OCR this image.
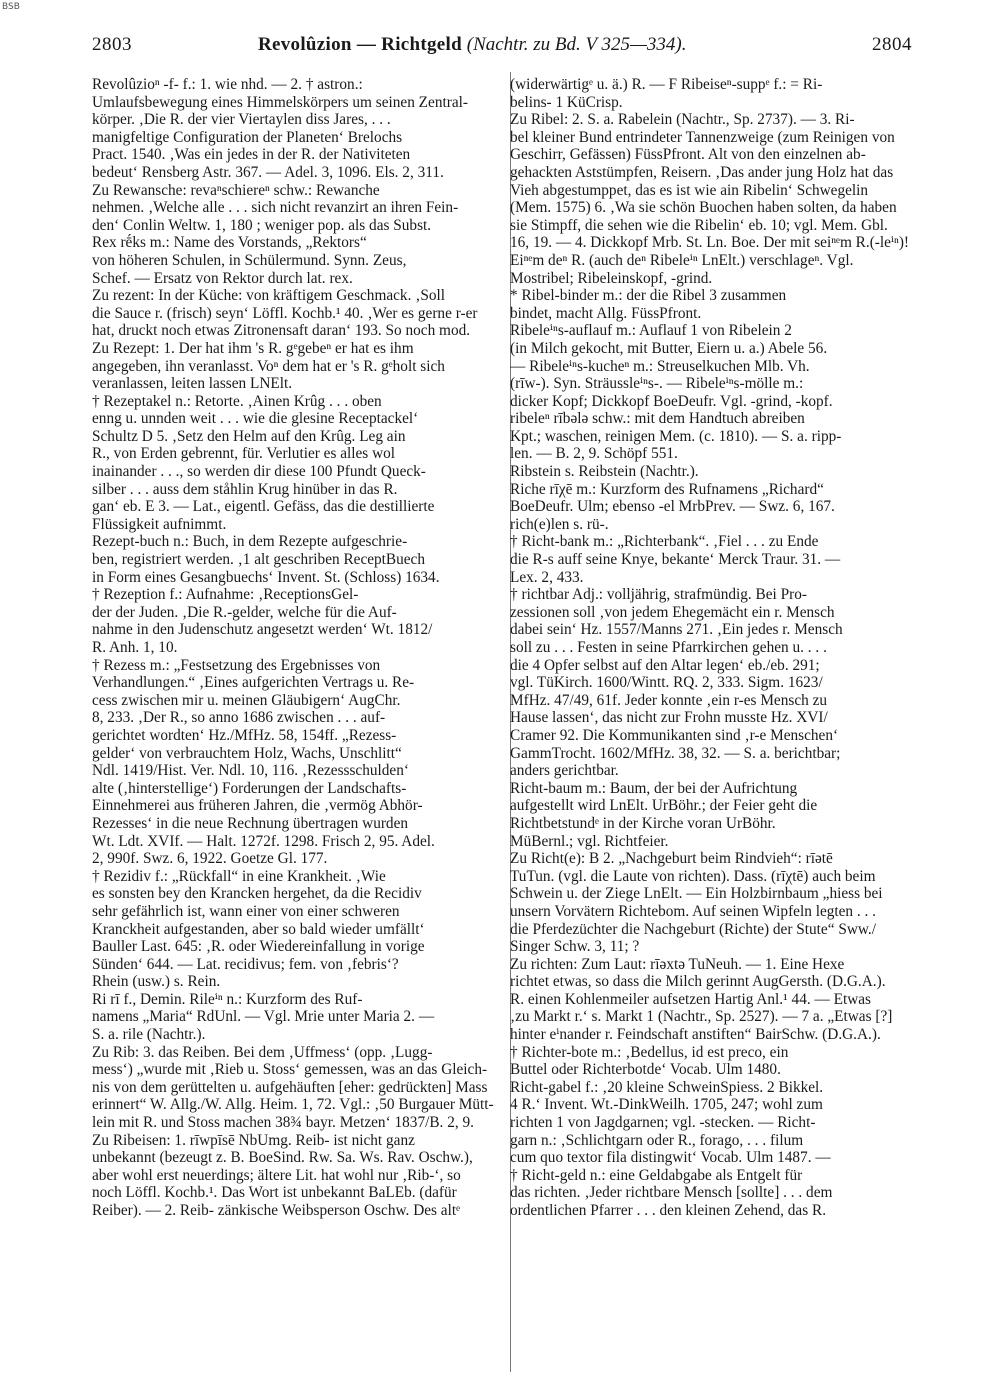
BSB
2803	Revolûzion — Richtgeld (Nachtr. zu Bd. V 325—334).	2804
Revolûzioⁿ -f- f.: 1. wie nhd. — 2. † astron.:
Umlaufsbewegung eines Himmelskörpers um seinen Zentral-
körper. ‚Die R. der vier Viertaylen diss Jares, . . .
manigfeltige Configuration der Planeten‘ Brelochs
Pract. 1540. ‚Was ein jedes in der R. der Nativiteten
bedeut‘ Rensberg Astr. 367. — Adel. 3, 1096. Els. 2, 311.
Zu Rewansche: revaⁿschiereⁿ schw.: Rewanche
nehmen. ‚Welche alle . . . sich nicht revanzirt an ihren Fein-
den‘ Conlin Weltw. 1, 180 ; weniger pop. als das Subst.
Rex rḗks m.: Name des Vorstands, „Rektors“
von höheren Schulen, in Schülermund. Synn. Zeus,
Schef. — Ersatz von Rektor durch lat. rex.
Zu rezent: In der Küche: von kräftigem Geschmack. ‚Soll
die Sauce r. (frisch) seyn‘ Löffl. Kochb.¹ 40. ‚Wer es gerne r-er
hat, druckt noch etwas Zitronensaft daran‘ 193. So noch mod.
Zu Rezept: 1. Der hat ihm 's R. gᵉgebeⁿ er hat es ihm
angegeben, ihn veranlasst. Voⁿ dem hat er 's R. gᵉholt sich
veranlassen, leiten lassen LNElt.
† Rezeptakel n.: Retorte. ‚Ainen Krûg . . . oben
enng u. unnden weit . . . wie die glesine Receptackel‘
Schultz D 5. ‚Setz den Helm auf den Krûg. Leg ain
R., von Erden gebrennt, für. Verlutier es alles wol
inainander . . ., so werden dir diese 100 Pfundt Queck-
silber . . . auss dem ståhlin Krug hinüber in das R.
gan‘ eb. E 3. — Lat., eigentl. Gefäss, das die destillierte
Flüssigkeit aufnimmt.
Rezept-buch n.: Buch, in dem Rezepte aufgeschrie-
ben, registriert werden. ‚1 alt geschriben ReceptBuech
in Form eines Gesangbuechs‘ Invent. St. (Schloss) 1634.
† Rezeption f.: Aufnahme: ‚ReceptionsGel-
der der Juden. ‚Die R.-gelder, welche für die Auf-
nahme in den Judenschutz angesetzt werden‘ Wt. 1812/
R. Anh. 1, 10.
† Rezess m.: „Festsetzung des Ergebnisses von
Verhandlungen.“ ‚Eines aufgerichten Vertrags u. Re-
cess zwischen mir u. meinen Gläubigern‘ AugChr.
8, 233. ‚Der R., so anno 1686 zwischen . . . auf-
gerichtet wordten‘ Hz./MfHz. 58, 154ff. „Rezess-
gelder‘ von verbrauchtem Holz, Wachs, Unschlitt“
Ndl. 1419/Hist. Ver. Ndl. 10, 116. ‚Rezessschulden‘
alte (‚hinterstellige‘) Forderungen der Landschafts-
Einnehmerei aus früheren Jahren, die ‚vermög Abhör-
Rezesses‘ in die neue Rechnung übertragen wurden
Wt. Ldt. XVIf. — Halt. 1272f. 1298. Frisch 2, 95. Adel.
2, 990f. Swz. 6, 1922. Goetze Gl. 177.
† Rezidiv f.: „Rückfall“ in eine Krankheit. ‚Wie
es sonsten bey den Krancken hergehet, da die Recidiv
sehr gefährlich ist, wann einer von einer schweren
Kranckheit aufgestanden, aber so bald wieder umfällt‘
Bauller Last. 645: ‚R. oder Wiedereinfallung in vorige
Sünden‘ 644. — Lat. recidivus; fem. von ‚febris‘?
Rhein (usw.) s. Rein.
Ri rī f., Demin. Rileⁱⁿ n.: Kurzform des Ruf-
namens „Maria“ RdUnl. — Vgl. Mrie unter Maria 2. —
S. a. rile (Nachtr.).
Zu Rib: 3. das Reiben. Bei dem ‚Uffmess‘ (opp. ‚Lugg-
mess‘) „wurde mit ‚Rieb u. Stoss‘ gemessen, was an das Gleich-
nis von dem gerüttelten u. aufgehäuften [eher: gedrückten] Mass
erinnert“ W. Allg./W. Allg. Heim. 1, 72. Vgl.: ‚50 Burgauer Mütt-
lein mit R. und Stoss machen 38¾ bayr. Metzen‘ 1837/B. 2, 9.
Zu Ribeisen: 1. rīwpīsē NbUmg. Reib- ist nicht ganz
unbekannt (bezeugt z. B. BoeSind. Rw. Sa. Ws. Rav. Oschw.),
aber wohl erst neuerdings; ältere Lit. hat wohl nur ‚Rib-‘, so
noch Löffl. Kochb.¹. Das Wort ist unbekannt BaLEb. (dafür
Reiber). — 2. Reib- zänkische Weibsperson Oschw. Des altᵉ
(widerwärtigᵉ u. ä.) R. — F Ribeiseⁿ-suppᵉ f.: = Ri-
belins- 1 KüCrisp.
Zu Ribel: 2. S. a. Rabelein (Nachtr., Sp. 2737). — 3. Ri-
bel kleiner Bund entrindeter Tannenzweige (zum Reinigen von
Geschirr, Gefässen) FüssPfront. Alt von den einzelnen ab-
gehackten Aststümpfen, Reisern. ‚Das ander jung Holz hat das
Vieh abgestumppet, das es ist wie ain Ribelin‘ Schwegelin
(Mem. 1575) 6. ‚Wa sie schön Buochen haben solten, da haben
sie Stimpff, die sehen wie die Ribelin‘ eb. 10; vgl. Mem. Gbl.
16, 19. — 4. Dickkopf Mrb. St. Ln. Boe. Der mit seiⁿᵉm R.(-leⁱⁿ)!
Eiⁿᵉm deⁿ R. (auch deⁿ Ribeleⁱⁿ LnElt.) verschlageⁿ. Vgl.
Mostribel; Ribeleinskopf, -grind.
* Ribel-binder m.: der die Ribel 3 zusammen
bindet, macht Allg. FüssPfront.
Ribeleⁱⁿs-auflauf m.: Auflauf 1 von Ribelein 2
(in Milch gekocht, mit Butter, Eiern u. a.) Abele 56.
— Ribeleⁱⁿs-kucheⁿ m.: Streuselkuchen Mlb. Vh.
(rīw-). Syn. Sträussleⁱⁿs-. — Ribeleⁱⁿs-mölle m.:
dicker Kopf; Dickkopf BoeDeufr. Vgl. -grind, -kopf.
ribeleⁿ rībələ schw.: mit dem Handtuch abreiben
Kpt.; waschen, reinigen Mem. (c. 1810). — S. a. ripp-
len. — B. 2, 9. Schöpf 551.
Ribstein s. Reibstein (Nachtr.).
Riche rīχē m.: Kurzform des Rufnamens „Richard“
BoeDeufr. Ulm; ebenso -el MrbPrev. — Swz. 6, 167.
rich(e)len s. rü-.
† Richt-bank m.: „Richterbank“. ‚Fiel . . . zu Ende
die R-s auff seine Knye, bekante‘ Merck Traur. 31. —
Lex. 2, 433.
† richtbar Adj.: volljährig, strafmündig. Bei Pro-
zessionen soll ‚von jedem Ehegemächt ein r. Mensch
dabei sein‘ Hz. 1557/Manns 271. ‚Ein jedes r. Mensch
soll zu . . . Festen in seine Pfarrkirchen gehen u. . . .
die 4 Opfer selbst auf den Altar legen‘ eb./eb. 291;
vgl. TüKirch. 1600/Wintt. RQ. 2, 333. Sigm. 1623/
MfHz. 47/49, 61f. Jeder konnte ‚ein r-es Mensch zu
Hause lassen‘, das nicht zur Frohn musste Hz. XVI/
Cramer 92. Die Kommunikanten sind ‚r-e Menschen‘
GammTrocht. 1602/MfHz. 38, 32. — S. a. berichtbar;
anders gerichtbar.
Richt-baum m.: Baum, der bei der Aufrichtung
aufgestellt wird LnElt. UrBöhr.; der Feier geht die
Richtbetstundᵉ in der Kirche voran UrBöhr.
MüBernl.; vgl. Richtfeier.
Zu Richt(e): B 2. „Nachgeburt beim Rindvieh“: rīətē
TuTun. (vgl. die Laute von richten). Dass. (rīχtē) auch beim
Schwein u. der Ziege LnElt. — Ein Holzbirnbaum „hiess bei
unsern Vorvätern Richtebom. Auf seinen Wipfeln legten . . .
die Pferdezüchter die Nachgeburt (Richte) der Stute“ Sww./
Singer Schw. 3, 11; ?
Zu richten: Zum Laut: rīəxtə TuNeuh. — 1. Eine Hexe
richtet etwas, so dass die Milch gerinnt AugGersth. (D.G.A.).
R. einen Kohlenmeiler aufsetzen Hartig Anl.¹ 44. — Etwas
‚zu Markt r.‘ s. Markt 1 (Nachtr., Sp. 2527). — 7 a. „Etwas [?]
hinter eⁱnander r. Feindschaft anstiften“ BairSchw. (D.G.A.).
† Richter-bote m.: ‚Bedellus, id est preco, ein
Buttel oder Richterbotde‘ Vocab. Ulm 1480.
Richt-gabel f.: ‚20 kleine SchweinSpiess. 2 Bikkel.
4 R.‘ Invent. Wt.-DinkWeilh. 1705, 247; wohl zum
richten 1 von Jagdgarnen; vgl. -stecken. — Richt-
garn n.: ‚Schlichtgarn oder R., forago, . . . filum
cum quo textor fila distingwit‘ Vocab. Ulm 1487. —
† Richt-geld n.: eine Geldabgabe als Entgelt für
das richten. ‚Jeder richtbare Mensch [sollte] . . . dem
ordentlichen Pfarrer . . . den kleinen Zehend, das R.
